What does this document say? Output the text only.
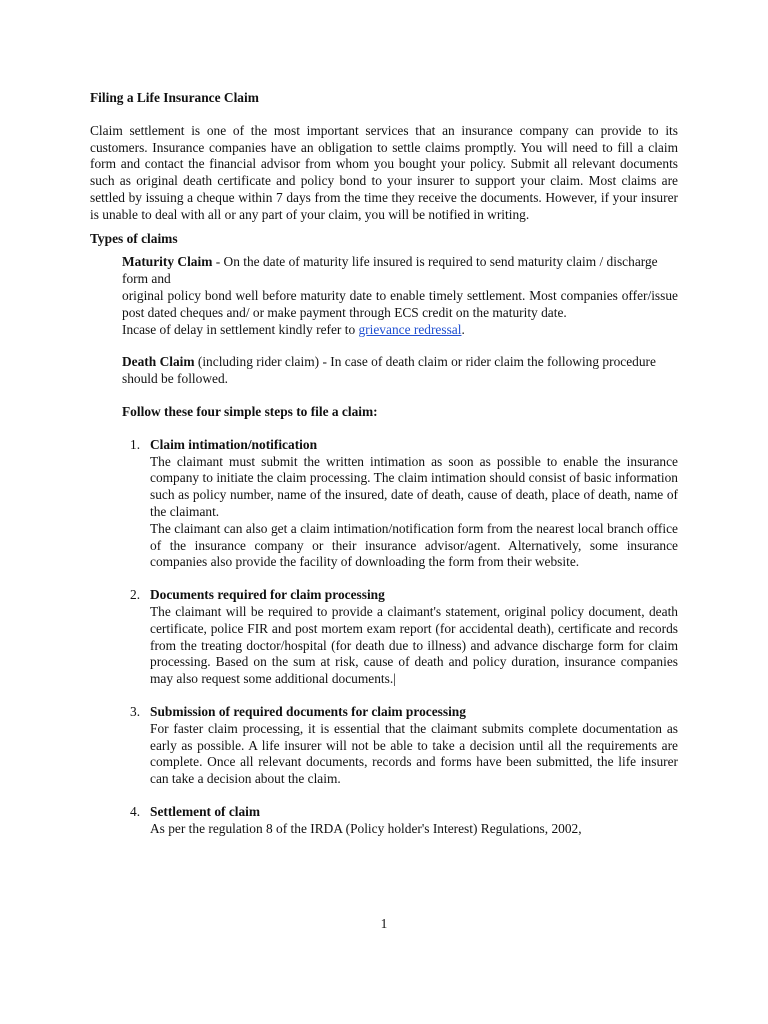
Filing a Life Insurance Claim

Claim settlement is one of the most important services that an insurance company can provide to its customers. Insurance companies have an obligation to settle claims promptly. You will need to fill a claim form and contact the financial advisor from whom you bought your policy. Submit all relevant documents such as original death certificate and policy bond to your insurer to support your claim. Most claims are settled by issuing a cheque within 7 days from the time they receive the documents. However, if your insurer is unable to deal with all or any part of your claim, you will be notified in writing.

Types of claims

Maturity Claim - On the date of maturity life insured is required to send maturity claim / discharge form and

original policy bond well before maturity date to enable timely settlement. Most companies offer/issue post dated cheques and/ or make payment through ECS credit on the maturity date.

Incase of delay in settlement kindly refer to grievance redressal.

Death Claim (including rider claim) - In case of death claim or rider claim the following procedure should be followed.

Follow these four simple steps to file a claim:

1. Claim intimation/notification

The claimant must submit the written intimation as soon as possible to enable the insurance company to initiate the claim processing. The claim intimation should consist of basic information such as policy number, name of the insured, date of death, cause of death, place of death, name of the claimant.

The claimant can also get a claim intimation/notification form from the nearest local branch office of the insurance company or their insurance advisor/agent. Alternatively, some insurance companies also provide the facility of downloading the form from their website.

2. Documents required for claim processing

The claimant will be required to provide a claimant's statement, original policy document, death certificate, police FIR and post mortem exam report (for accidental death), certificate and records from the treating doctor/hospital (for death due to illness) and advance discharge form for claim processing. Based on the sum at risk, cause of death and policy duration, insurance companies may also request some additional documents.|

3. Submission of required documents for claim processing

For faster claim processing, it is essential that the claimant submits complete documentation as early as possible. A life insurer will not be able to take a decision until all the requirements are complete. Once all relevant documents, records and forms have been submitted, the life insurer can take a decision about the claim.

4. Settlement of claim

As per the regulation 8 of the IRDA (Policy holder's Interest) Regulations, 2002,

1
